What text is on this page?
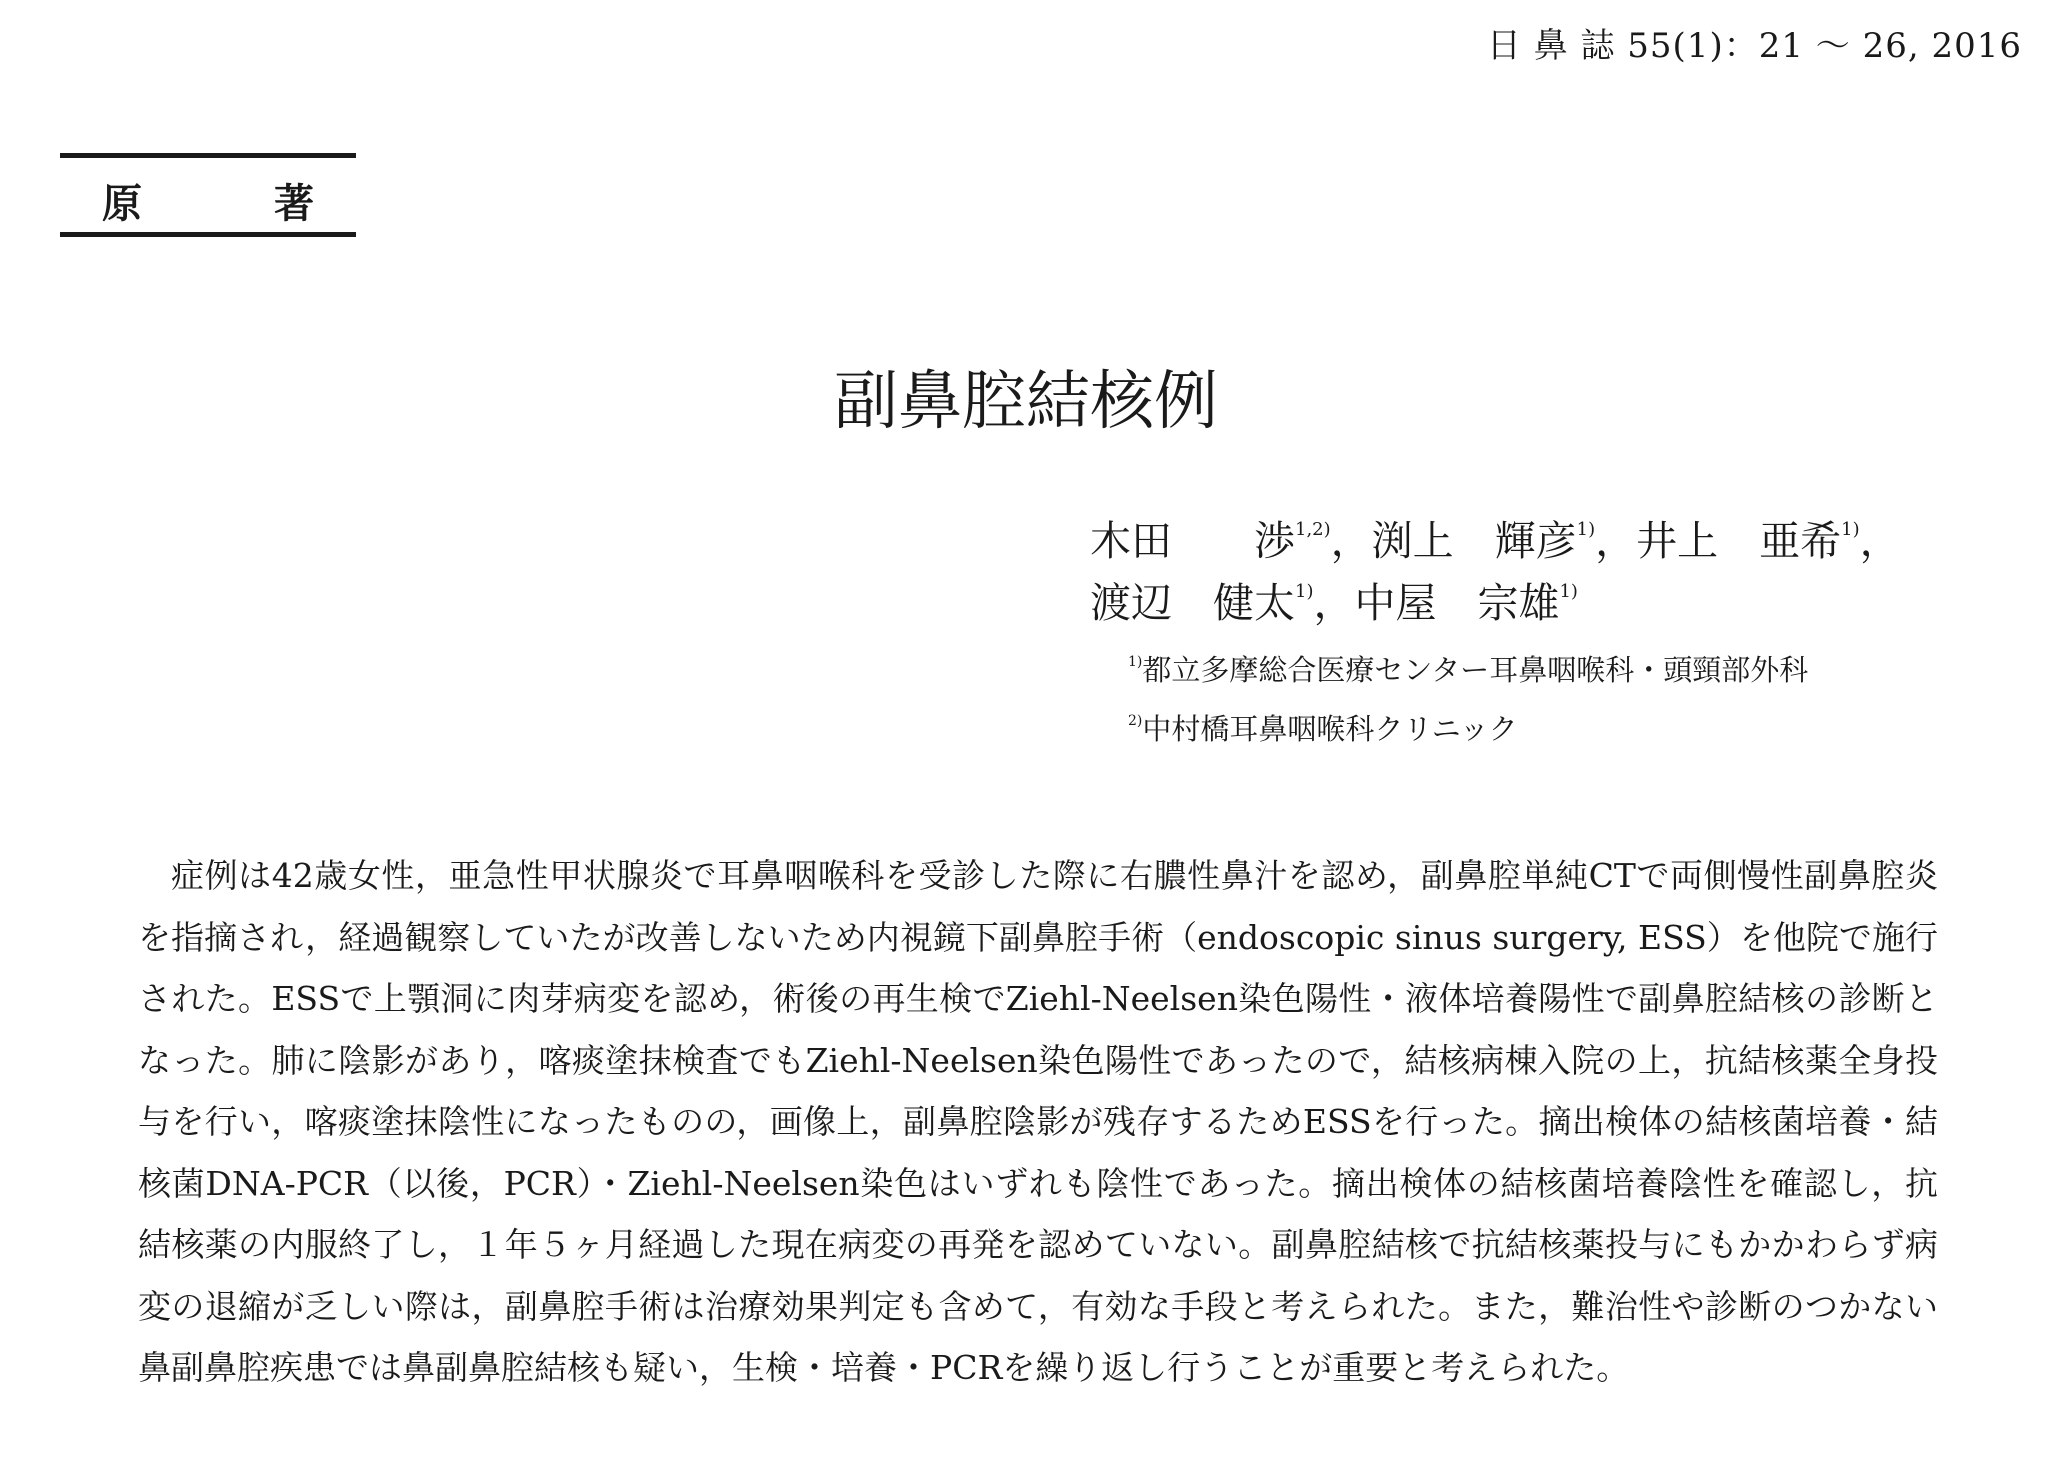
日 鼻 誌 55(1)：21 ～ 26, 2016
原著
副鼻腔結核例
木田　　渉$^{1,2)}$，渕上　輝彦$^{1)}$，井上　亜希$^{1)}$，
渡辺　健太$^{1)}$，中屋　宗雄$^{1)}$
$^{1)}$都立多摩総合医療センター耳鼻咽喉科・頭頸部外科
$^{2)}$中村橋耳鼻咽喉科クリニック

症例は42歳女性，亜急性甲状腺炎で耳鼻咽喉科を受診した際に右膿性鼻汁を認め，副鼻腔単純CTで両側慢性副鼻腔炎を指摘され，経過観察していたが改善しないため内視鏡下副鼻腔手術（endoscopic sinus surgery, ESS）を他院で施行された。ESSで上顎洞に肉芽病変を認め，術後の再生検でZiehl-Neelsen染色陽性・液体培養陽性で副鼻腔結核の診断となった。肺に陰影があり，喀痰塗抹検査でもZiehl-Neelsen染色陽性であったので，結核病棟入院の上，抗結核薬全身投与を行い，喀痰塗抹陰性になったものの，画像上，副鼻腔陰影が残存するためESSを行った。摘出検体の結核菌培養・結核菌DNA-PCR（以後，PCR）・Ziehl-Neelsen染色はいずれも陰性であった。摘出検体の結核菌培養陰性を確認し，抗結核薬の内服終了し，１年５ヶ月経過した現在病変の再発を認めていない。副鼻腔結核で抗結核薬投与にもかかわらず病変の退縮が乏しい際は，副鼻腔手術は治療効果判定も含めて，有効な手段と考えられた。また，難治性や診断のつかない鼻副鼻腔疾患では鼻副鼻腔結核も疑い，生検・培養・PCRを繰り返し行うことが重要と考えられた。
